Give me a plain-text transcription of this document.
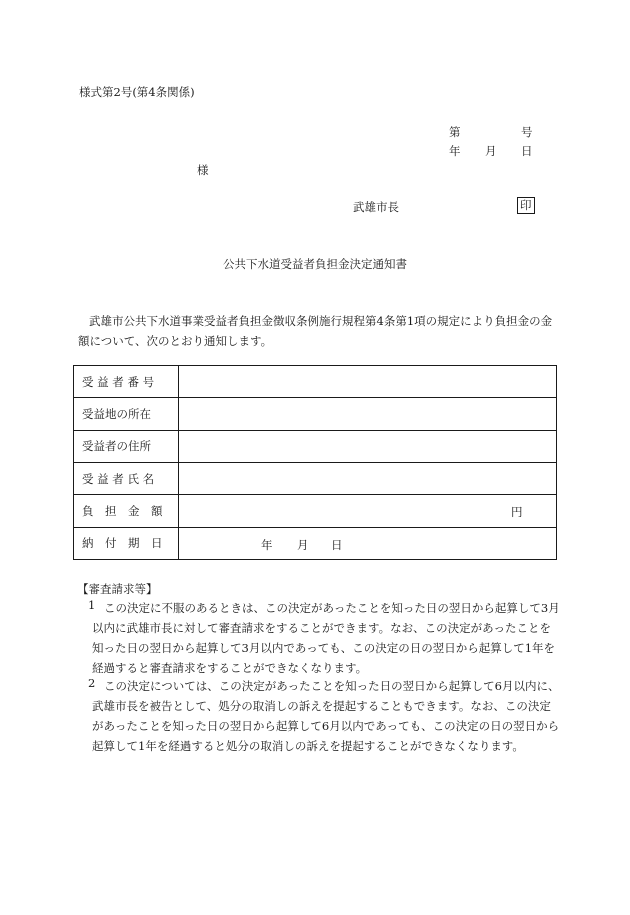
様式第2号(第4条関係)
第	号
年 月 日
様
武雄市長	印
公共下水道受益者負担金決定通知書
武雄市公共下水道事業受益者負担金徴収条例施行規程第4条第1項の規定により負担金の金額について、次のとおり通知します。
受 益 者 番 号	
受益地の所在	
受益者の住所	
受 益 者 氏 名	
負　担　金　額	円

納　付　期　日	年 月 日
【審査請求等】
1 この決定に不服のあるときは、この決定があったことを知った日の翌日から起算して3月以内に武雄市長に対して審査請求をすることができます。なお、この決定があったことを知った日の翌日から起算して3月以内であっても、この決定の日の翌日から起算して1年を経過すると審査請求をすることができなくなります。
2 この決定については、この決定があったことを知った日の翌日から起算して6月以内に、武雄市長を被告として、処分の取消しの訴えを提起することもできます。なお、この決定があったことを知った日の翌日から起算して6月以内であっても、この決定の日の翌日から起算して1年を経過すると処分の取消しの訴えを提起することができなくなります。
